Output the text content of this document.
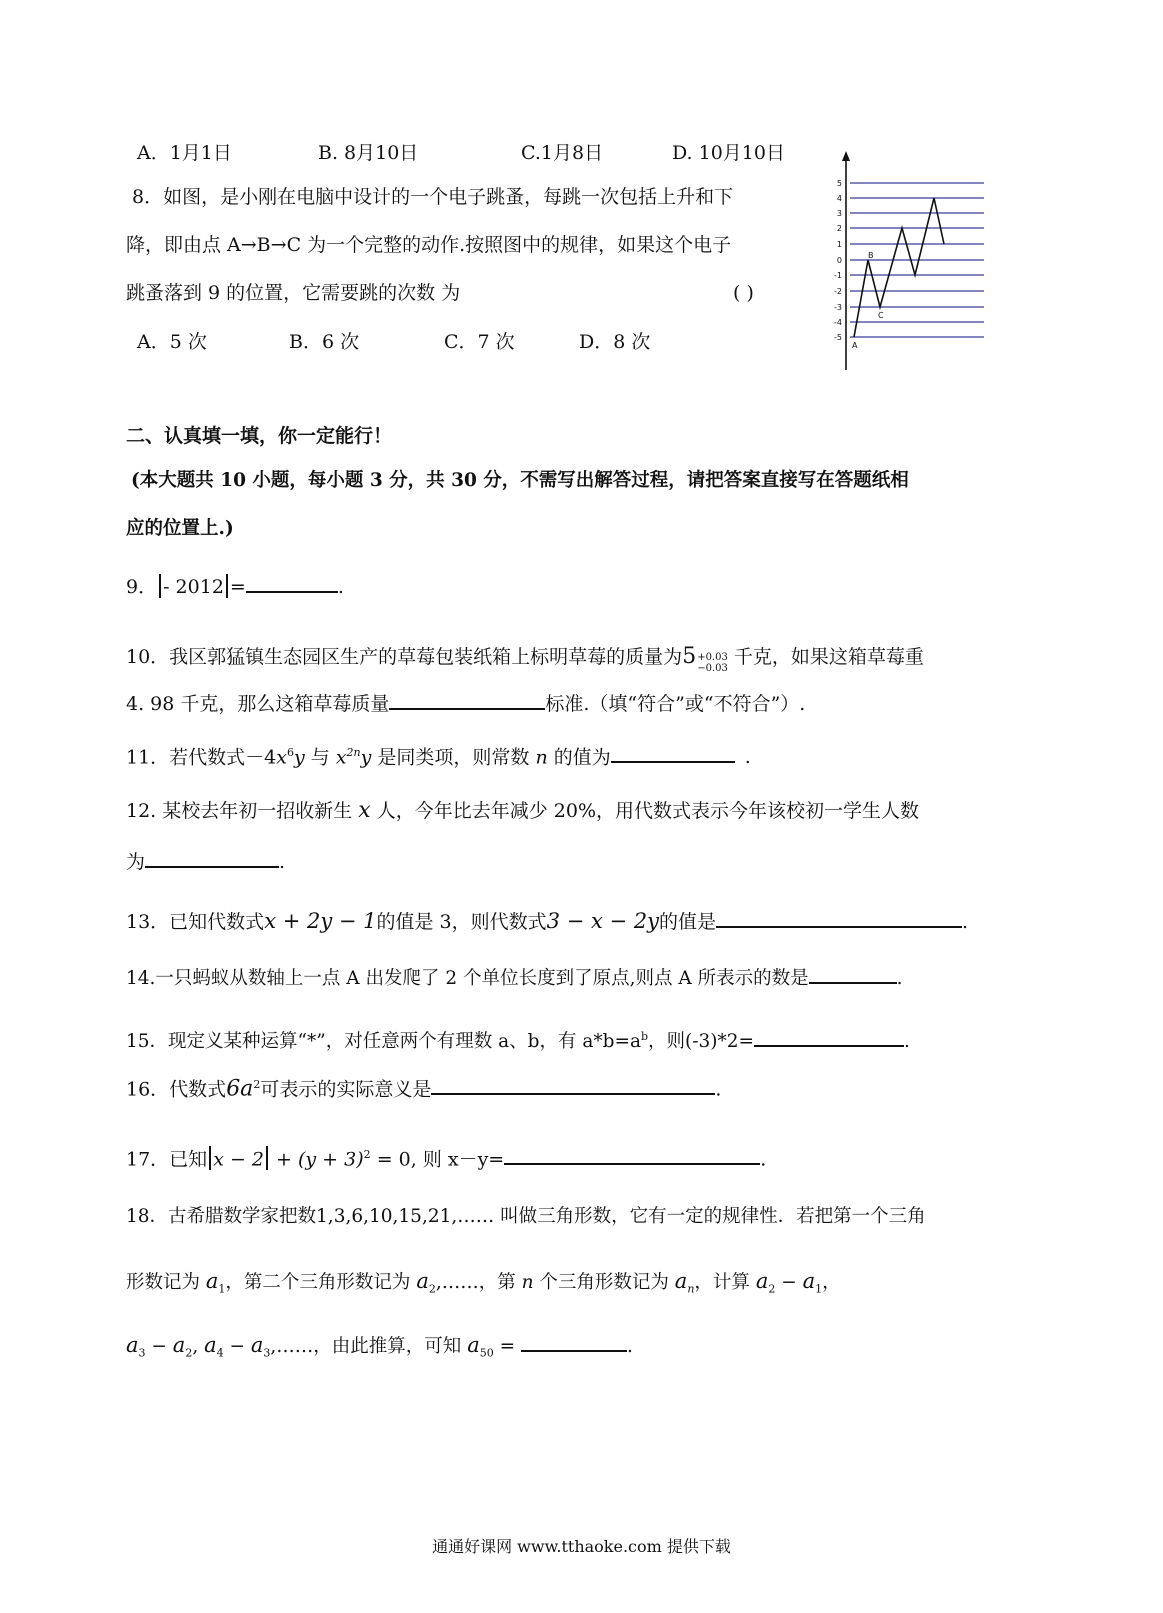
A．1月1日	B. 8月10日	C.1月8日	D. 10月10日
8．如图，是小刚在电脑中设计的一个电子跳蚤，每跳一次包括上升和下
降，即由点 A→B→C 为一个完整的动作.按照图中的规律，如果这个电子
跳蚤落到 9 的位置，它需要跳的次数 为	( )
A．5 次	B．6 次	C．7 次	D．8 次
5
4
3
2
1
0
-1
-2
-3
-4
-5
A
B
C
二、认真填一填，你一定能行！
(本大题共 10 小题，每小题 3 分，共 30 分，不需写出解答过程，请把答案直接写在答题纸相
应的位置上.)
9． - 2012 =	.
10．我区郭猛镇生态园区生产的草莓包装纸箱上标明草莓的质量为5 +0.03
−0.03
千克，如果这箱草莓重
4. 98 千克，那么这箱草莓质量	标准.（填“符合”或“不符合”）.
11．若代数式$-4x^6y$ 与 $x^{2n}y$ 是同类项，则常数 n 的值为	.
12. 某校去年初一招收新生 x 人，今年比去年减少 20%，用代数式表示今年该校初一学生人数
为	.
13．已知代数式x + 2y − 1的值是 3，则代数式3 − x − 2y的值是	.
14.一只蚂蚁从数轴上一点 A 出发爬了 2 个单位长度到了原点,则点 A 所表示的数是	.
15．现定义某种运算“*”，对任意两个有理数 a、b，有 $a*b=a^b$，则(-3)*2=	.
16．代数式$6a^2$可表示的实际意义是	.
17．已知 $x - 2 + (y + 3)^2 = 0$, 则 x－y=	.
18．古希腊数学家把数1,3,6,10,15,21,…… 叫做三角形数，它有一定的规律性．若把第一个三角
形数记为 $a_1$，第二个三角形数记为 $a_2,\dots\dots$，第 n 个三角形数记为 $a_n$，计算 $a_2 - a_1$，
$a_3 - a_2$, $a_4$ − $a_3,\dots\dots$，由此推算，可知 $a_{50}$ =	.
通通好课网 www.tthaoke.com 提供下载
